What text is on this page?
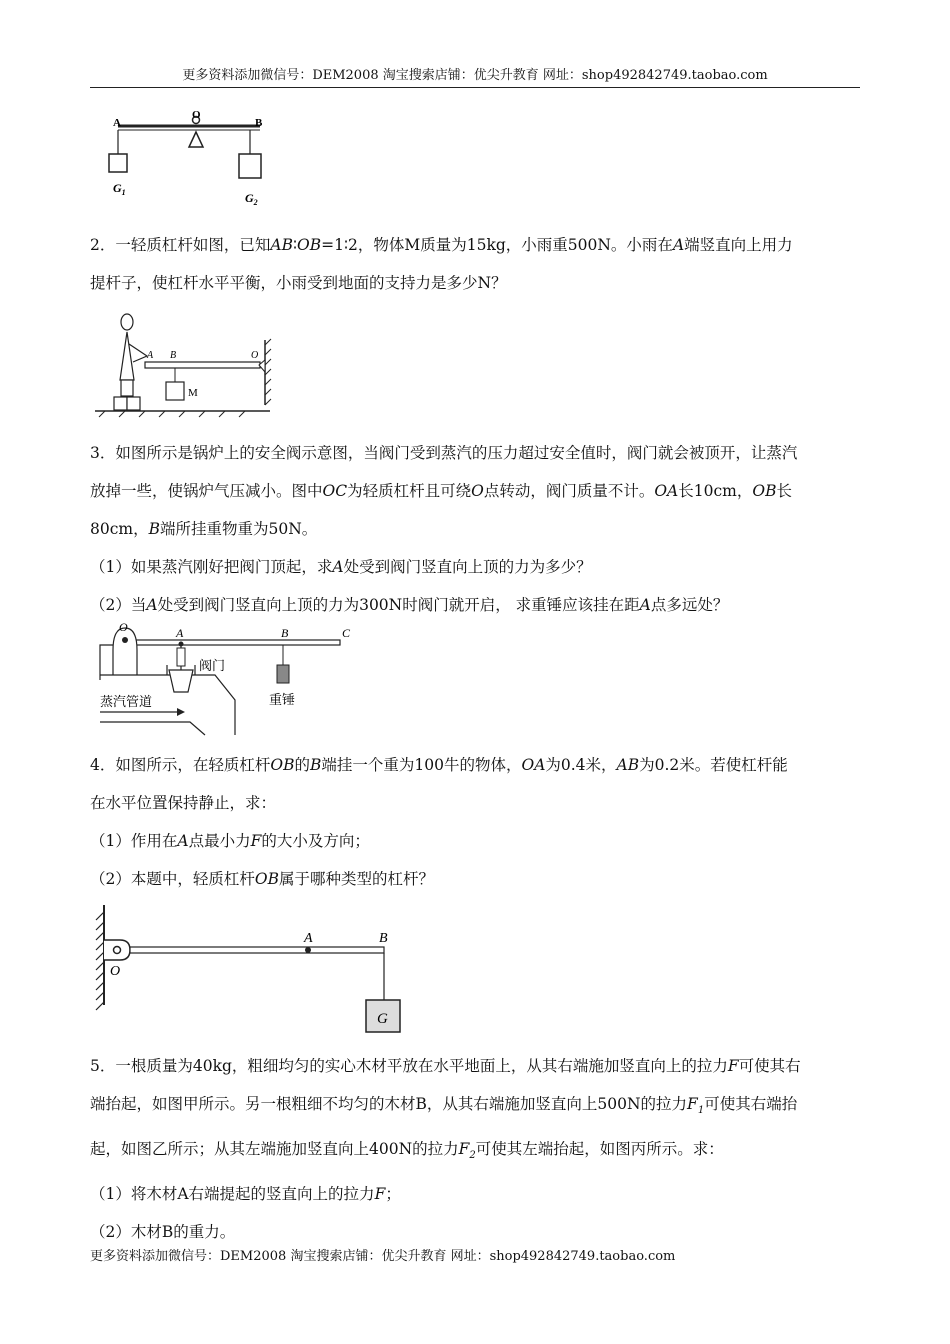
更多资料添加微信号：DEM2008 淘宝搜索店铺：优尖升教育 网址：shop492842749.taobao.com
A
O
B
$G_1$	$G_2$

2．一轻质杠杆如图，已知AB∶OB=1∶2，物体M质量为15kg，小雨重500N。小雨在A端竖直向上用力

提杆子，使杠杆水平平衡，小雨受到地面的支持力是多少N？

A B	O
M

3．如图所示是锅炉上的安全阀示意图，当阀门受到蒸汽的压力超过安全值时，阀门就会被顶开，让蒸汽

放掉一些，使锅炉气压减小。图中OC为轻质杠杆且可绕O点转动，阀门质量不计。OA长10cm，OB长

80cm，B端所挂重物重为50N。

（1）如果蒸汽刚好把阀门顶起，求A处受到阀门竖直向上顶的力为多少？

（2）当A处受到阀门竖直向上顶的力为300N时阀门就开启， 求重锤应该挂在距A点多远处？

O	A	B	C
阀门
重锤
蒸汽管道

4．如图所示，在轻质杠杆OB的B端挂一个重为100牛的物体，OA为0.4米，AB为0.2米。若使杠杆能

在水平位置保持静止，求：

（1）作用在A点最小力F的大小及方向；

（2）本题中，轻质杠杆OB属于哪种类型的杠杆？

A	B
O
G

5．一根质量为40kg，粗细均匀的实心木材平放在水平地面上，从其右端施加竖直向上的拉力F可使其右

端抬起，如图甲所示。另一根粗细不均匀的木材B，从其右端施加竖直向上500N的拉力$F_1$可使其右端抬

起，如图乙所示；从其左端施加竖直向上400N的拉力$F_2$可使其左端抬起，如图丙所示。求：

（1）将木材A右端提起的竖直向上的拉力F；

（2）木材B的重力。

更多资料添加微信号：DEM2008 淘宝搜索店铺：优尖升教育 网址：shop492842749.taobao.com
